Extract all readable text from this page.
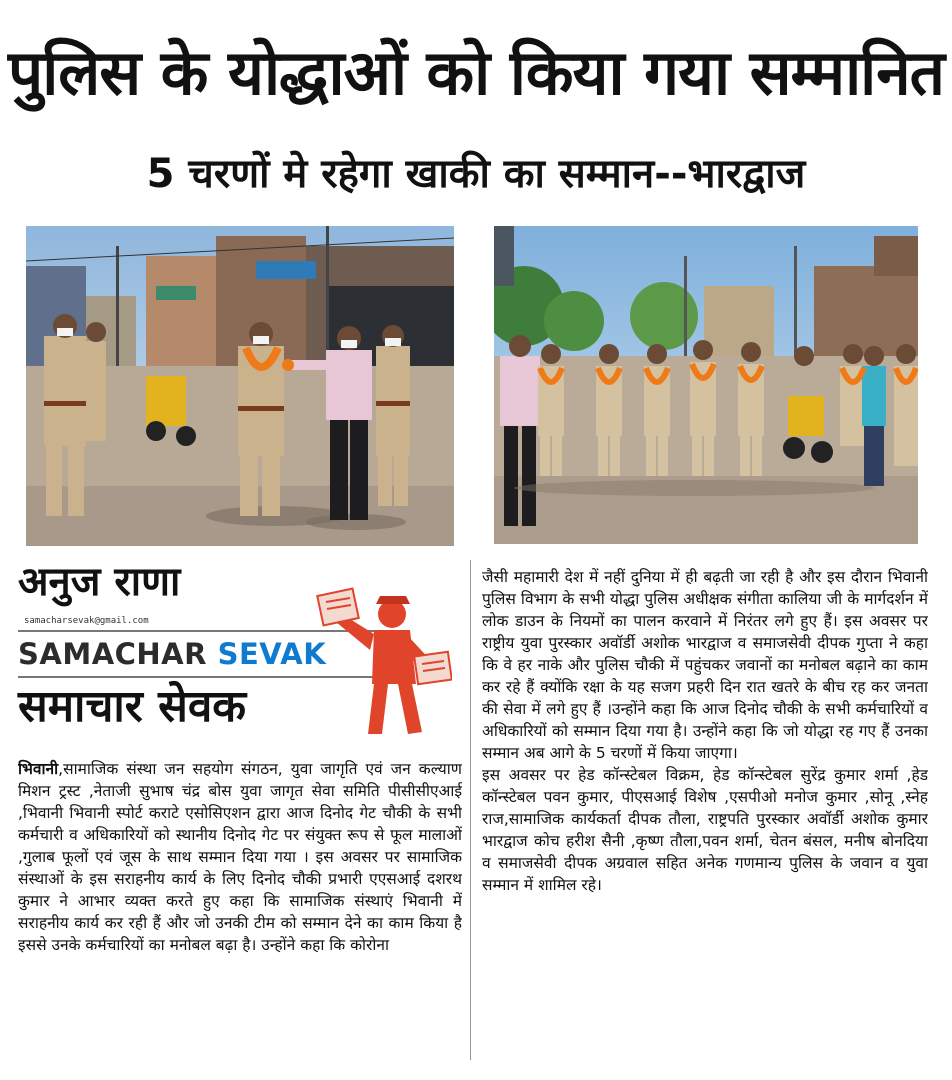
पुलिस के योद्धाओं को किया गया सम्मानित
5 चरणों मे रहेगा खाकी का सम्मान--भारद्वाज
अनुज राणा
samacharsevak@gmail.com
SAMACHAR SEVAK
समाचार सेवक
भिवानी,सामाजिक संस्था जन सहयोग संगठन, युवा जागृति एवं जन कल्याण मिशन ट्रस्ट ,नेताजी सुभाष चंद्र बोस युवा जागृत सेवा समिति पीसीसीएआई ,भिवानी भिवानी स्पोर्ट कराटे एसोसिएशन द्वारा आज दिनोद गेट चौकी के सभी कर्मचारी व अधिकारियों को स्थानीय दिनोद गेट पर संयुक्त रूप से फूल मालाओं ,गुलाब फूलों एवं जूस के साथ सम्मान दिया गया । इस अवसर पर सामाजिक संस्थाओं के इस सराहनीय कार्य के लिए दिनोद चौकी प्रभारी एएसआई दशरथ कुमार ने आभार व्यक्त करते हुए कहा कि सामाजिक संस्थाएं भिवानी में सराहनीय कार्य कर रही हैं और जो उनकी टीम को सम्मान देने का काम किया है इससे उनके कर्मचारियों का मनोबल बढ़ा है। उन्होंने कहा कि कोरोना
जैसी महामारी देश में नहीं दुनिया में ही बढ़ती जा रही है और इस दौरान भिवानी पुलिस विभाग के सभी योद्धा पुलिस अधीक्षक संगीता कालिया जी के मार्गदर्शन में लोक डाउन के नियमों का पालन करवाने में निरंतर लगे हुए हैं। इस अवसर पर राष्ट्रीय युवा पुरस्कार अवॉर्डी अशोक भारद्वाज व समाजसेवी दीपक गुप्ता ने कहा कि वे हर नाके और पुलिस चौकी में पहुंचकर जवानों का मनोबल बढ़ाने का काम कर रहे हैं क्योंकि रक्षा के यह सजग प्रहरी दिन रात खतरे के बीच रह कर जनता की सेवा में लगे हुए हैं ।उन्होंने कहा कि आज दिनोद चौकी के सभी कर्मचारियों व अधिकारियों को सम्मान दिया गया है। उन्होंने कहा कि जो योद्धा रह गए हैं उनका सम्मान अब आगे के 5 चरणों में किया जाएगा।
इस अवसर पर हेड कॉन्स्टेबल विक्रम, हेड कॉन्स्टेबल सुरेंद्र कुमार शर्मा ,हेड कॉन्स्टेबल पवन कुमार, पीएसआई विशेष ,एसपीओ मनोज कुमार ,सोनू ,स्नेह राज,सामाजिक कार्यकर्ता दीपक तौला, राष्ट्रपति पुरस्कार अवॉर्डी अशोक कुमार भारद्वाज कोच हरीश सैनी ,कृष्ण तौला,पवन शर्मा, चेतन बंसल, मनीष बोनदिया व समाजसेवी दीपक अग्रवाल सहित अनेक गणमान्य पुलिस के जवान व युवा सम्मान में शामिल रहे।
